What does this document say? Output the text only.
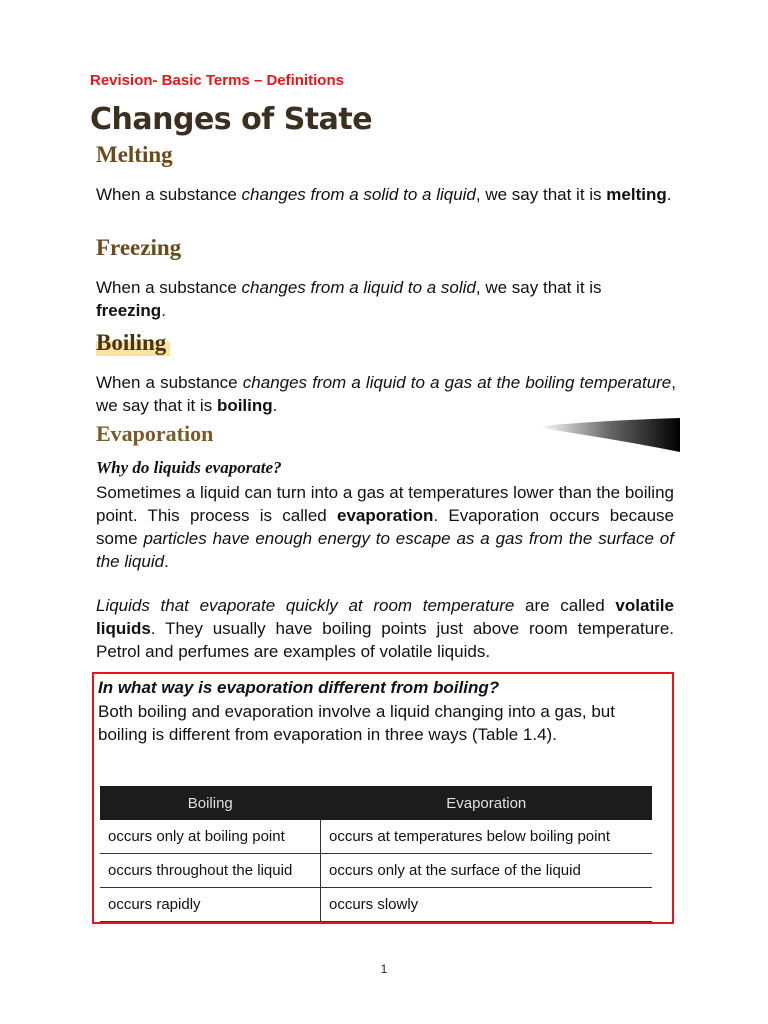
Revision- Basic Terms – Definitions
Changes of State
Melting
When a substance changes from a solid to a liquid, we say that it is melting.
Freezing
When a substance changes from a liquid to a solid, we say that it is freezing.
Boiling
When a substance changes from a liquid to a gas at the boiling temperature, we say that it is boiling.
Evaporation
Why do liquids evaporate?
Sometimes a liquid can turn into a gas at temperatures lower than the boiling point. This process is called evaporation. Evaporation occurs because some particles have enough energy to escape as a gas from the surface of the liquid.
Liquids that evaporate quickly at room temperature are called volatile liquids. They usually have boiling points just above room temperature. Petrol and perfumes are examples of volatile liquids.
In what way is evaporation different from boiling?
Both boiling and evaporation involve a liquid changing into a gas, but boiling is different from evaporation in three ways (Table 1.4).
Boiling	Evaporation
occurs only at boiling point	occurs at temperatures below boiling point
occurs throughout the liquid	occurs only at the surface of the liquid
occurs rapidly	occurs slowly
1
